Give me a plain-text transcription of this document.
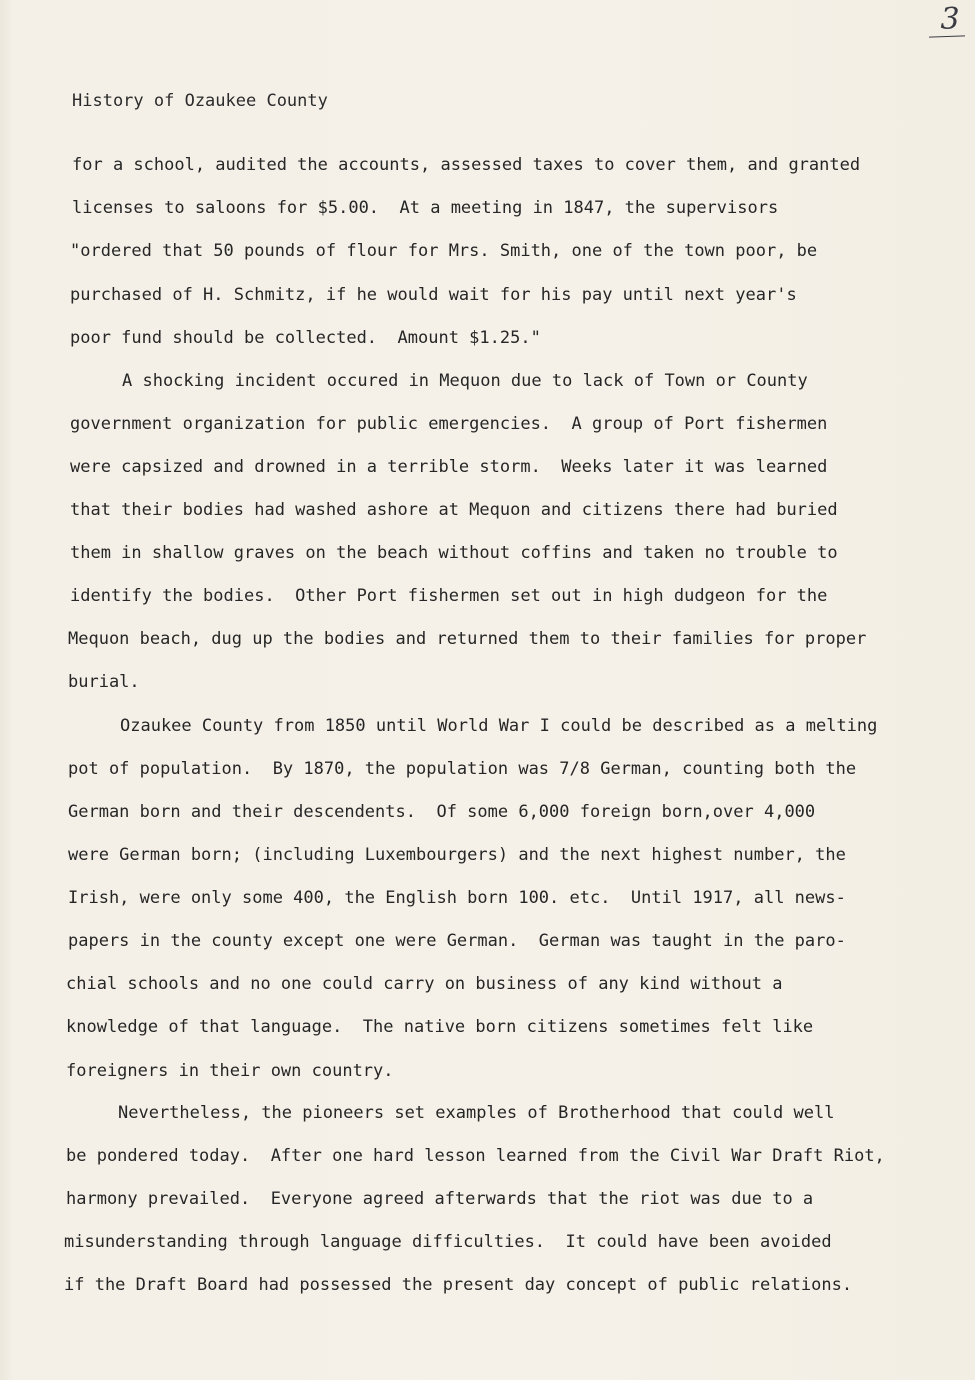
3
History of Ozaukee County
for a school, audited the accounts, assessed taxes to cover them, and granted
licenses to saloons for $5.00.  At a meeting in 1847, the supervisors
"ordered that 50 pounds of flour for Mrs. Smith, one of the town poor, be
purchased of H. Schmitz, if he would wait for his pay until next year's
poor fund should be collected.  Amount $1.25."
A shocking incident occured in Mequon due to lack of Town or County
government organization for public emergencies.  A group of Port fishermen
were capsized and drowned in a terrible storm.  Weeks later it was learned
that their bodies had washed ashore at Mequon and citizens there had buried
them in shallow graves on the beach without coffins and taken no trouble to
identify the bodies.  Other Port fishermen set out in high dudgeon for the
Mequon beach, dug up the bodies and returned them to their families for proper
burial.
Ozaukee County from 1850 until World War I could be described as a melting
pot of population.  By 1870, the population was 7/8 German, counting both the
German born and their descendents.  Of some 6,000 foreign born,over 4,000
were German born; (including Luxembourgers) and the next highest number, the
Irish, were only some 400, the English born 100. etc.  Until 1917, all news-
papers in the county except one were German.  German was taught in the paro-
chial schools and no one could carry on business of any kind without a
knowledge of that language.  The native born citizens sometimes felt like
foreigners in their own country.
Nevertheless, the pioneers set examples of Brotherhood that could well
be pondered today.  After one hard lesson learned from the Civil War Draft Riot,
harmony prevailed.  Everyone agreed afterwards that the riot was due to a
misunderstanding through language difficulties.  It could have been avoided
if the Draft Board had possessed the present day concept of public relations.
